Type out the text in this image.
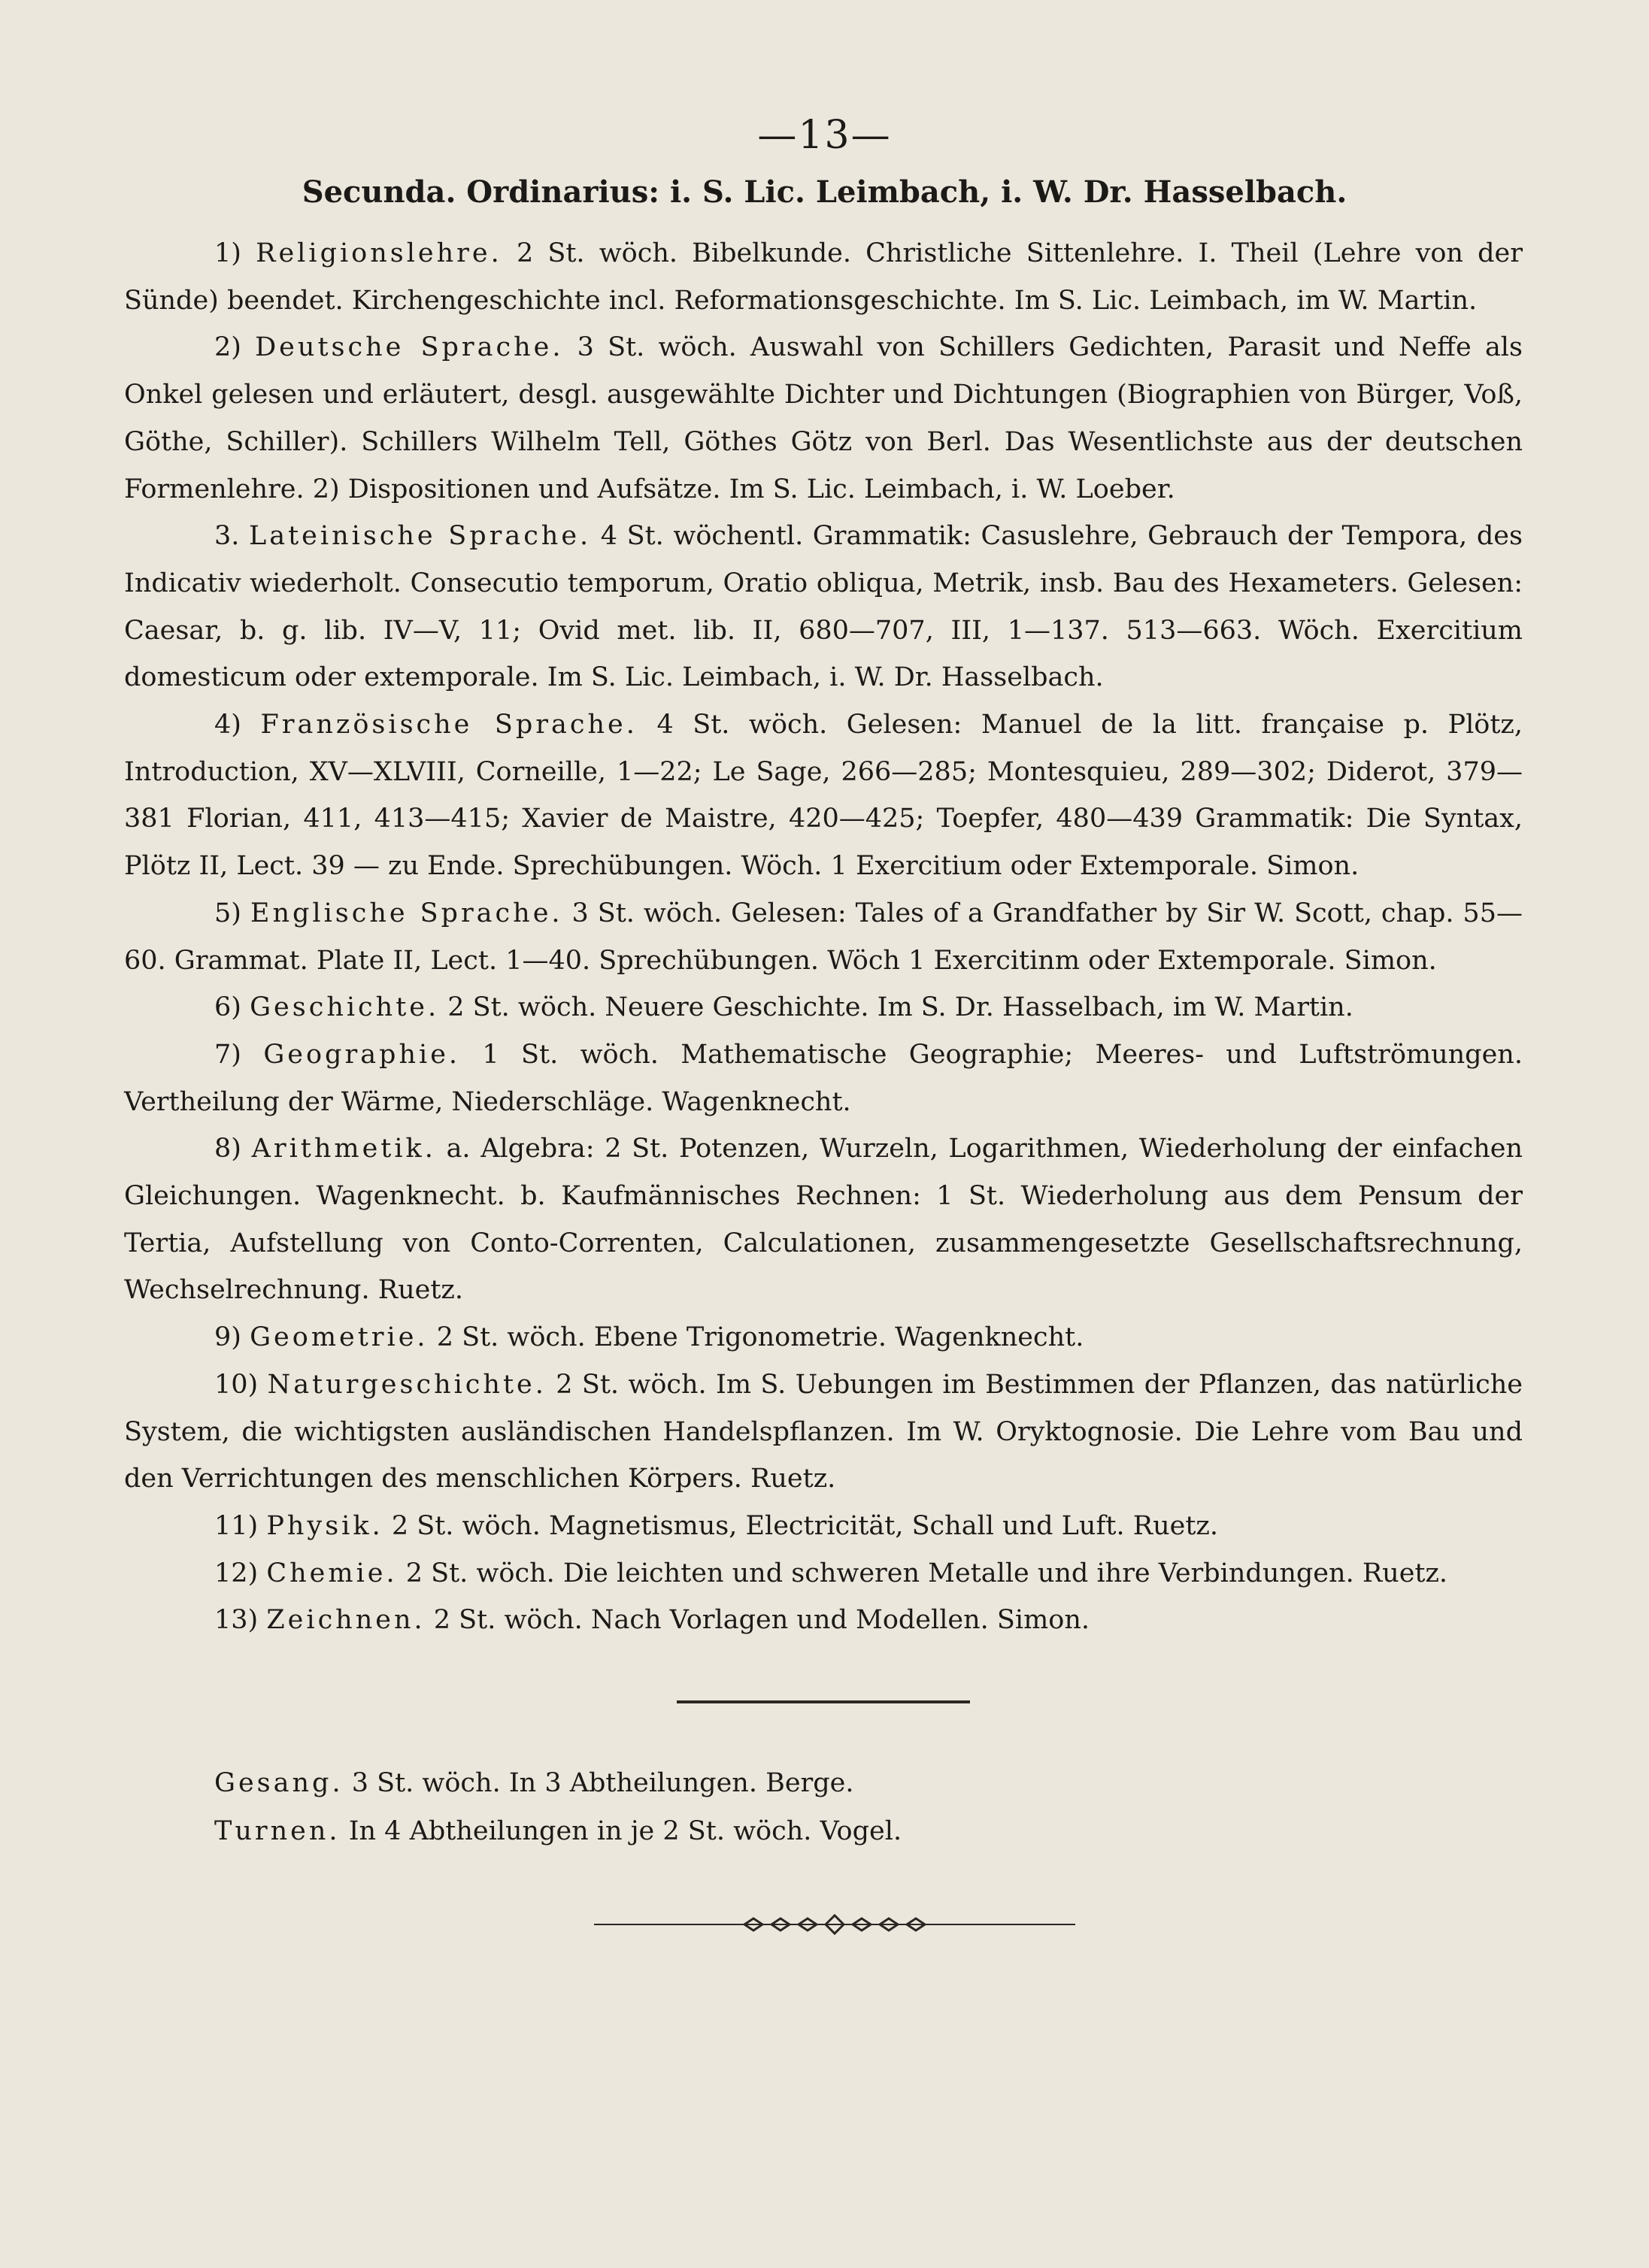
—13—
Secunda. Ordinarius: i. S. Lic. Leimbach, i. W. Dr. Hasselbach.

1) Religionslehre. 2 St. wöch. Bibelkunde. Christliche Sittenlehre. I. Theil (Lehre von der Sünde) beendet. Kirchengeschichte incl. Reformationsgeschichte. Im S. Lic. Leimbach, im W. Martin.

2) Deutsche Sprache. 3 St. wöch. Auswahl von Schillers Gedichten, Parasit und Neffe als Onkel gelesen und erläutert, desgl. ausgewählte Dichter und Dichtungen (Biographien von Bürger, Voß, Göthe, Schiller). Schillers Wilhelm Tell, Göthes Götz von Berl. Das Wesentlichste aus der deutschen Formenlehre. 2) Dispositionen und Aufsätze. Im S. Lic. Leimbach, i. W. Loeber.

3. Lateinische Sprache. 4 St. wöchentl. Grammatik: Casuslehre, Gebrauch der Tempora, des Indicativ wiederholt. Consecutio temporum, Oratio obliqua, Metrik, insb. Bau des Hexameters. Gelesen: Caesar, b. g. lib. IV—V, 11; Ovid met. lib. II, 680—707, III, 1—137. 513—663. Wöch. Exercitium domesticum oder extemporale. Im S. Lic. Leimbach, i. W. Dr. Hasselbach.

4) Französische Sprache. 4 St. wöch. Gelesen: Manuel de la litt. française p. Plötz, Introduction, XV—XLVIII, Corneille, 1—22; Le Sage, 266—285; Montesquieu, 289—302; Diderot, 379—381 Florian, 411, 413—415; Xavier de Maistre, 420—425; Toepfer, 480—439 Grammatik: Die Syntax, Plötz II, Lect. 39 — zu Ende. Sprechübungen. Wöch. 1 Exercitium oder Extemporale. Simon.

5) Englische Sprache. 3 St. wöch. Gelesen: Tales of a Grandfather by Sir W. Scott, chap. 55—60. Grammat. Plate II, Lect. 1—40. Sprechübungen. Wöch 1 Exercitinm oder Extemporale. Simon.

6) Geschichte. 2 St. wöch. Neuere Geschichte. Im S. Dr. Hasselbach, im W. Martin.

7) Geographie. 1 St. wöch. Mathematische Geographie; Meeres- und Luftströmungen. Vertheilung der Wärme, Niederschläge. Wagenknecht.

8) Arithmetik. a. Algebra: 2 St. Potenzen, Wurzeln, Logarithmen, Wiederholung der einfachen Gleichungen. Wagenknecht. b. Kaufmännisches Rechnen: 1 St. Wiederholung aus dem Pensum der Tertia, Aufstellung von Conto-Correnten, Calculationen, zusammengesetzte Gesellschaftsrechnung, Wechselrechnung. Ruetz.

9) Geometrie. 2 St. wöch. Ebene Trigonometrie. Wagenknecht.

10) Naturgeschichte. 2 St. wöch. Im S. Uebungen im Bestimmen der Pflanzen, das natürliche System, die wichtigsten ausländischen Handelspflanzen. Im W. Oryktognosie. Die Lehre vom Bau und den Verrichtungen des menschlichen Körpers. Ruetz.

11) Physik. 2 St. wöch. Magnetismus, Electricität, Schall und Luft. Ruetz.

12) Chemie. 2 St. wöch. Die leichten und schweren Metalle und ihre Verbindungen. Ruetz.

13) Zeichnen. 2 St. wöch. Nach Vorlagen und Modellen. Simon.

Gesang. 3 St. wöch. In 3 Abtheilungen. Berge.

Turnen. In 4 Abtheilungen in je 2 St. wöch. Vogel.
